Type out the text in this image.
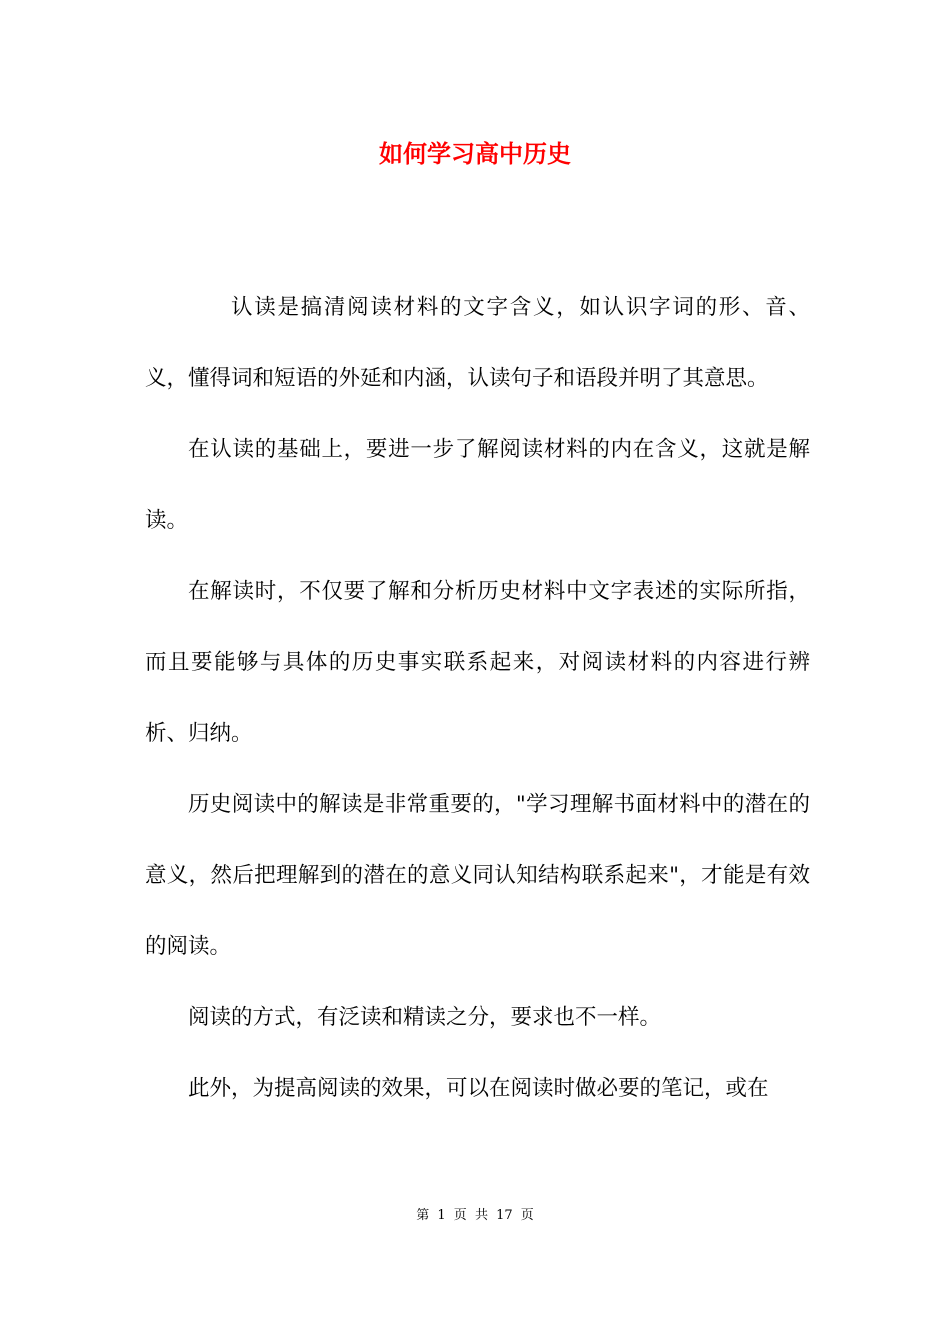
如何学习高中历史

认读是搞清阅读材料的文字含义，如认识字词的形、音、义，懂得词和短语的外延和内涵，认读句子和语段并明了其意思。

在认读的基础上，要进一步了解阅读材料的内在含义，这就是解读。

在解读时，不仅要了解和分析历史材料中文字表述的实际所指，而且要能够与具体的历史事实联系起来，对阅读材料的内容进行辨析、归纳。

历史阅读中的解读是非常重要的，"学习理解书面材料中的潜在的意义，然后把理解到的潜在的意义同认知结构联系起来"，才能是有效的阅读。

阅读的方式，有泛读和精读之分，要求也不一样。

此外，为提高阅读的效果，可以在阅读时做必要的笔记，或在

第 1 页 共 17 页
